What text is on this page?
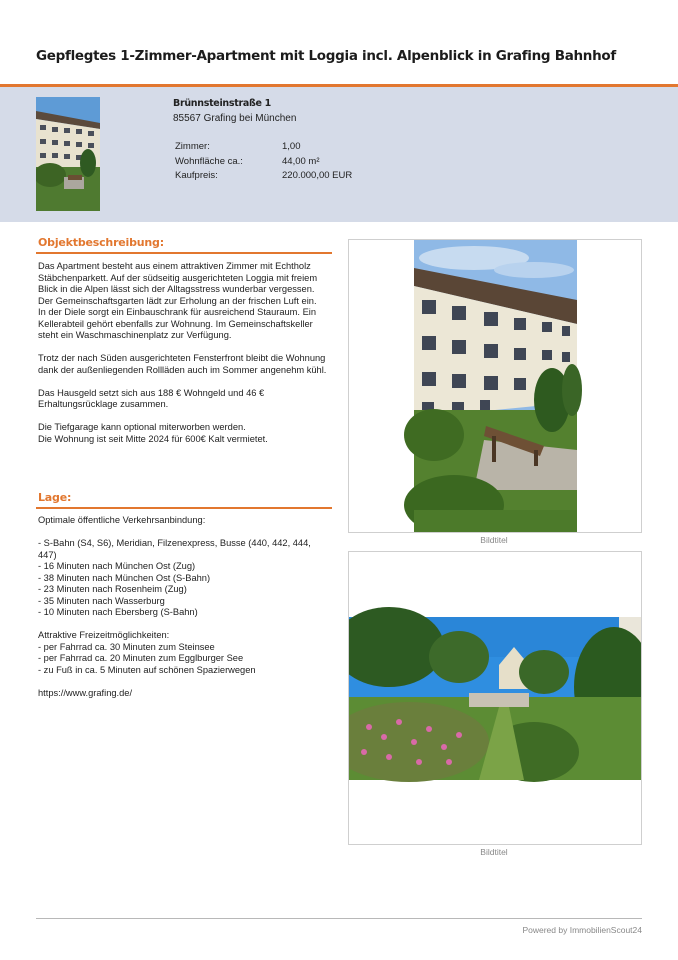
Gepflegtes 1-Zimmer-Apartment mit Loggia incl. Alpenblick in Grafing Bahnhof
Brünnsteinstraße 1
85567 Grafing bei München
Zimmer:	1,00
Wohnfläche ca.:	44,00 m²
Kaufpreis:	220.000,00 EUR
Objektbeschreibung:
Das Apartment besteht aus einem attraktiven Zimmer mit Echtholz Stäbchenparkett. Auf der südseitig ausgerichteten Loggia mit freiem Blick in die Alpen lässt sich der Alltagsstress wunderbar vergessen. Der Gemeinschaftsgarten lädt zur Erholung an der frischen Luft ein.
In der Diele sorgt ein Einbauschrank für ausreichend Stauraum. Ein Kellerabteil gehört ebenfalls zur Wohnung. Im Gemeinschaftskeller steht ein Waschmaschinenplatz zur Verfügung.

Trotz der nach Süden ausgerichteten Fensterfront bleibt die Wohnung dank der außenliegenden Rollläden auch im Sommer angenehm kühl.

Das Hausgeld setzt sich aus 188 € Wohngeld und 46 € Erhaltungsrücklage zusammen.

Die Tiefgarage kann optional miterworben werden.
Die Wohnung ist seit Mitte 2024 für 600€ Kalt vermietet.
Lage:
Optimale öffentliche Verkehrsanbindung:

- S-Bahn (S4, S6), Meridian, Filzenexpress, Busse (440, 442, 444, 447)
- 16 Minuten nach München Ost (Zug)
- 38 Minuten nach München Ost (S-Bahn)
- 23 Minuten nach Rosenheim (Zug)
- 35 Minuten nach Wasserburg
- 10 Minuten nach Ebersberg (S-Bahn)

Attraktive Freizeitmöglichkeiten:
- per Fahrrad ca. 30 Minuten zum Steinsee
- per Fahrrad ca. 20 Minuten zum Egglburger See
- zu Fuß in ca. 5 Minuten auf schönen Spazierwegen

https://www.grafing.de/
Bildtitel
Bildtitel
Powered by ImmobilienScout24
